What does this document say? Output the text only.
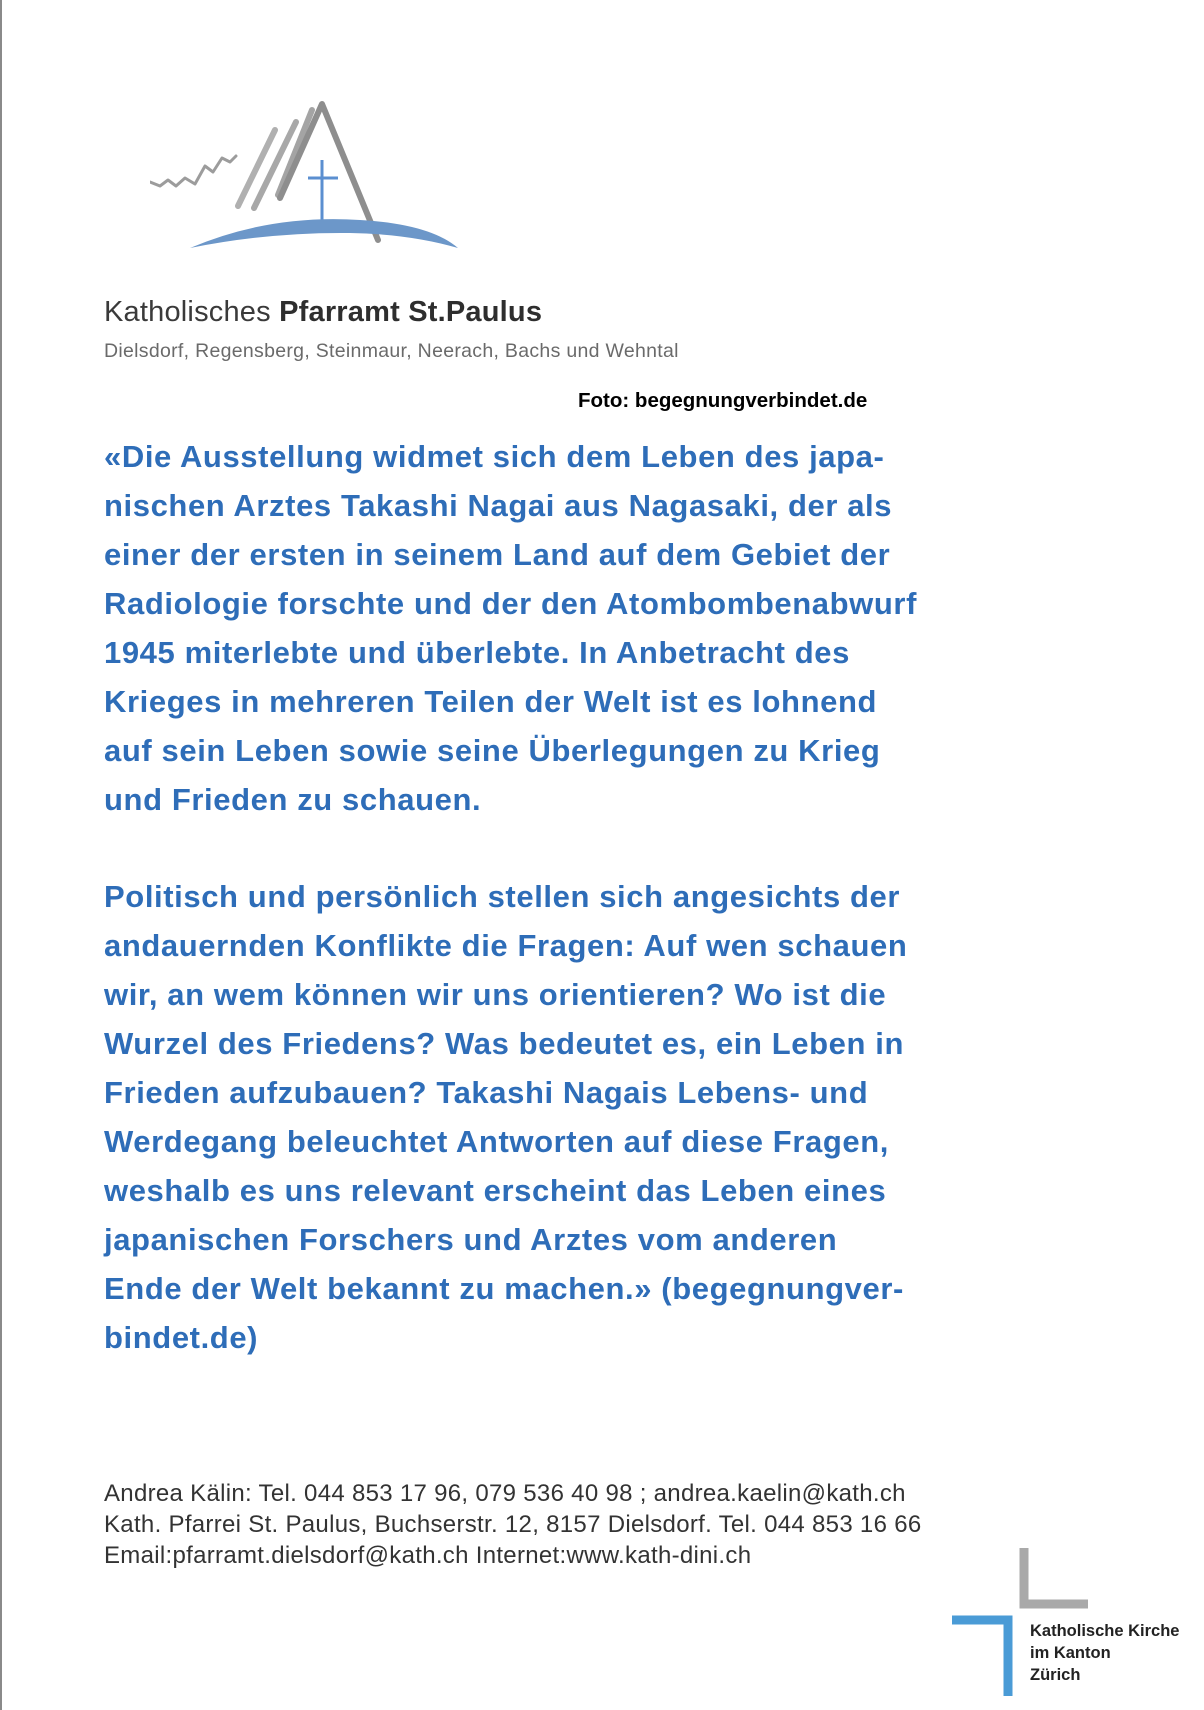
Katholisches Pfarramt St.Paulus
Dielsdorf, Regensberg, Steinmaur, Neerach, Bachs und Wehntal
Foto: begegnungverbindet.de
«Die Ausstellung widmet sich dem Leben des japa-
nischen Arztes Takashi Nagai aus Nagasaki, der als
einer der ersten in seinem Land auf dem Gebiet der
Radiologie forschte und der den Atombombenabwurf
1945 miterlebte und überlebte. In Anbetracht des
Krieges in mehreren Teilen der Welt ist es lohnend
auf sein Leben sowie seine Überlegungen zu Krieg
und Frieden zu schauen.
Politisch und persönlich stellen sich angesichts der
andauernden Konflikte die Fragen: Auf wen schauen
wir, an wem können wir uns orientieren? Wo ist die
Wurzel des Friedens? Was bedeutet es, ein Leben in
Frieden aufzubauen? Takashi Nagais Lebens- und
Werdegang beleuchtet Antworten auf diese Fragen,
weshalb es uns relevant erscheint das Leben eines
japanischen Forschers und Arztes vom anderen
Ende der Welt bekannt zu machen.» (begegnungver-
bindet.de)
Andrea Kälin: Tel. 044 853 17 96, 079 536 40 98 ; andrea.kaelin@kath.ch
Kath. Pfarrei St. Paulus, Buchserstr. 12, 8157 Dielsdorf. Tel. 044 853 16 66
Email:pfarramt.dielsdorf@kath.ch Internet:www.kath-dini.ch
Katholische Kirche
im Kanton
Zürich
